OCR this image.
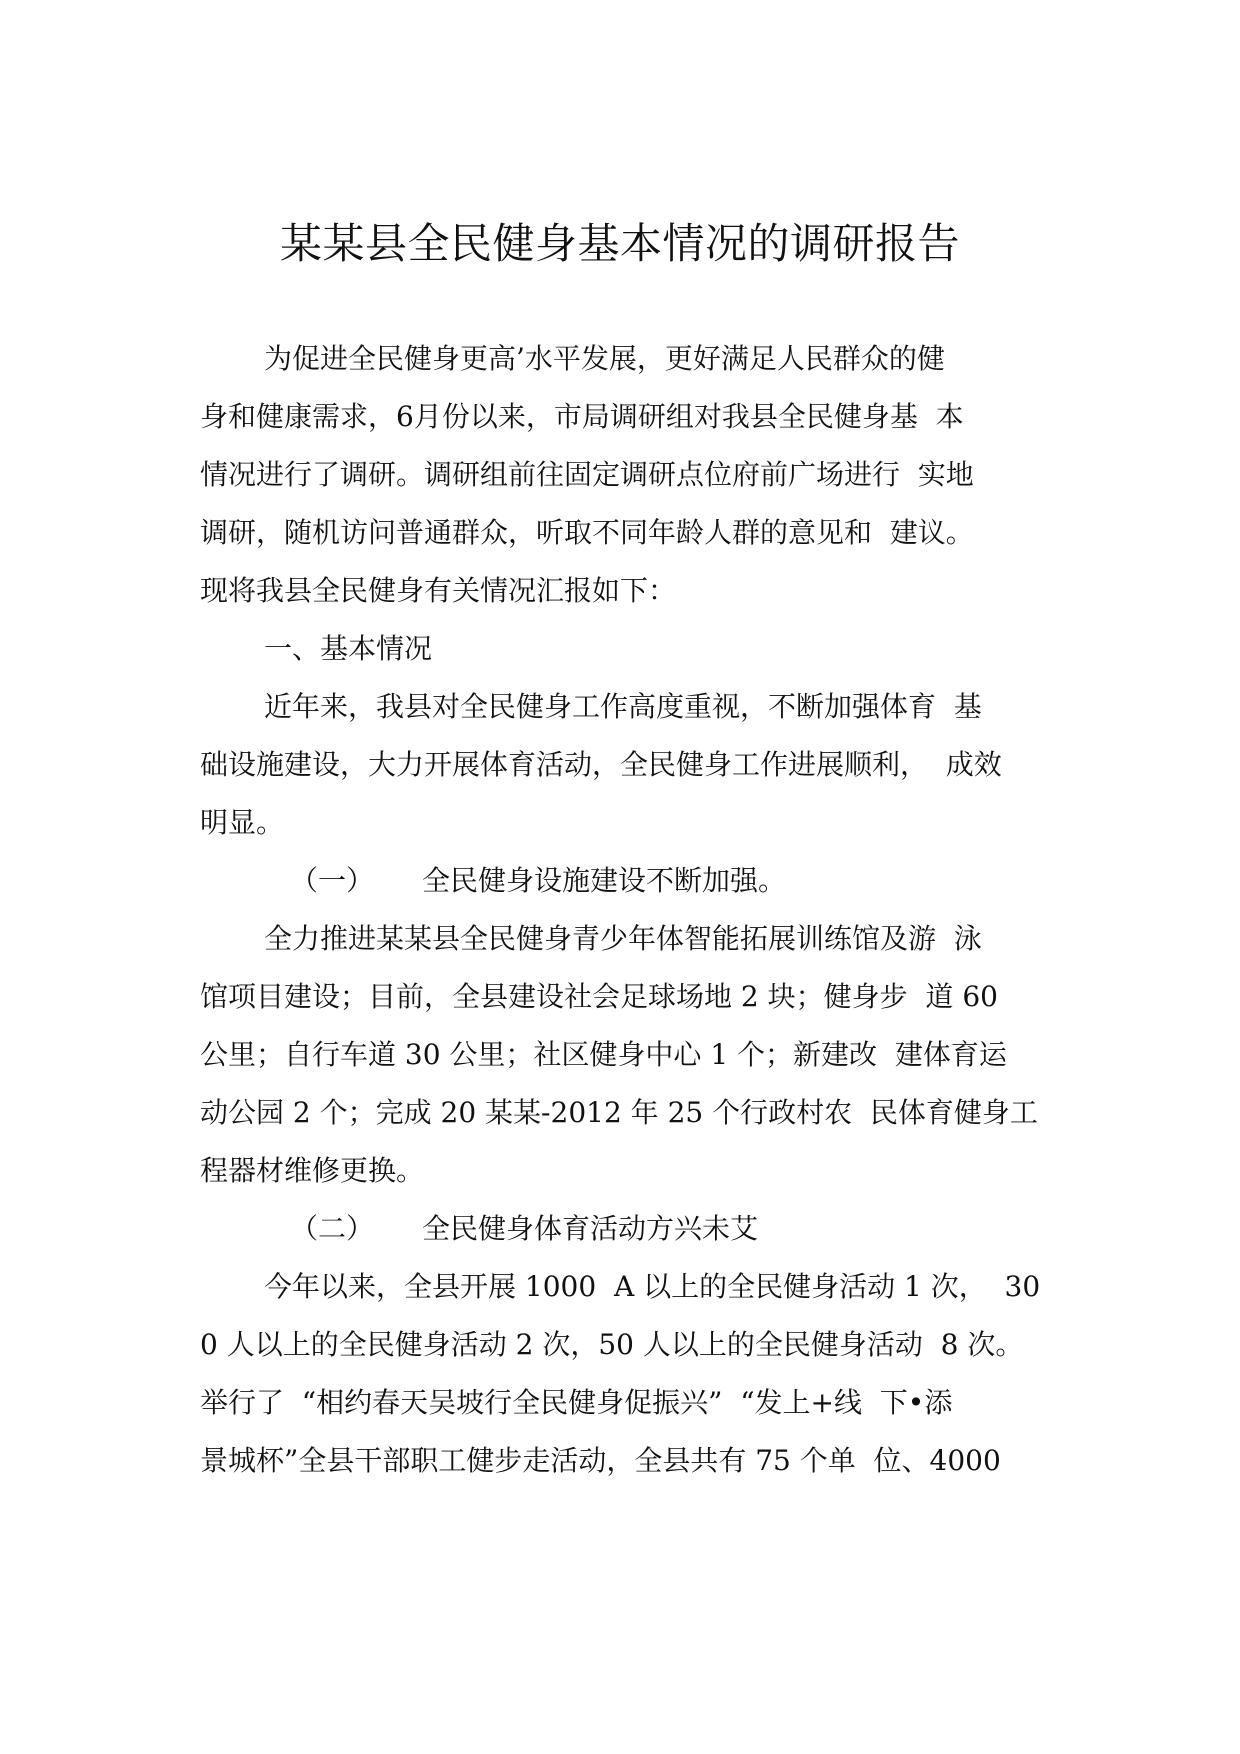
某某县全民健身基本情况的调研报告
为促进全民健身更高’水平发展，更好满足人民群众的健
身和健康需求，6月份以来，市局调研组对我县全民健身基  本
情况进行了调研。调研组前往固定调研点位府前广场进行  实地
调研，随机访问普通群众，听取不同年龄人群的意见和  建议。
现将我县全民健身有关情况汇报如下：
一、基本情况
近年来，我县对全民健身工作高度重视，不断加强体育  基
础设施建设，大力开展体育活动，全民健身工作进展顺利，  成效
明显。
（一） 全民健身设施建设不断加强。
全力推进某某县全民健身青少年体智能拓展训练馆及游  泳
馆项目建设；目前，全县建设社会足球场地 2 块；健身步  道 60
公里；自行车道 30 公里；社区健身中心 1 个；新建改  建体育运
动公园 2 个；完成 20 某某-2012 年 25 个行政村农  民体育健身工
程器材维修更换。
（二） 全民健身体育活动方兴未艾
今年以来，全县开展 1000  A 以上的全民健身活动 1 次，  30
0 人以上的全民健身活动 2 次，50 人以上的全民健身活动  8 次。
举行了  “相约春天吴坡行全民健身促振兴”  “发上+线  下•添
景城杯”全县干部职工健步走活动，全县共有 75 个单  位、4000
